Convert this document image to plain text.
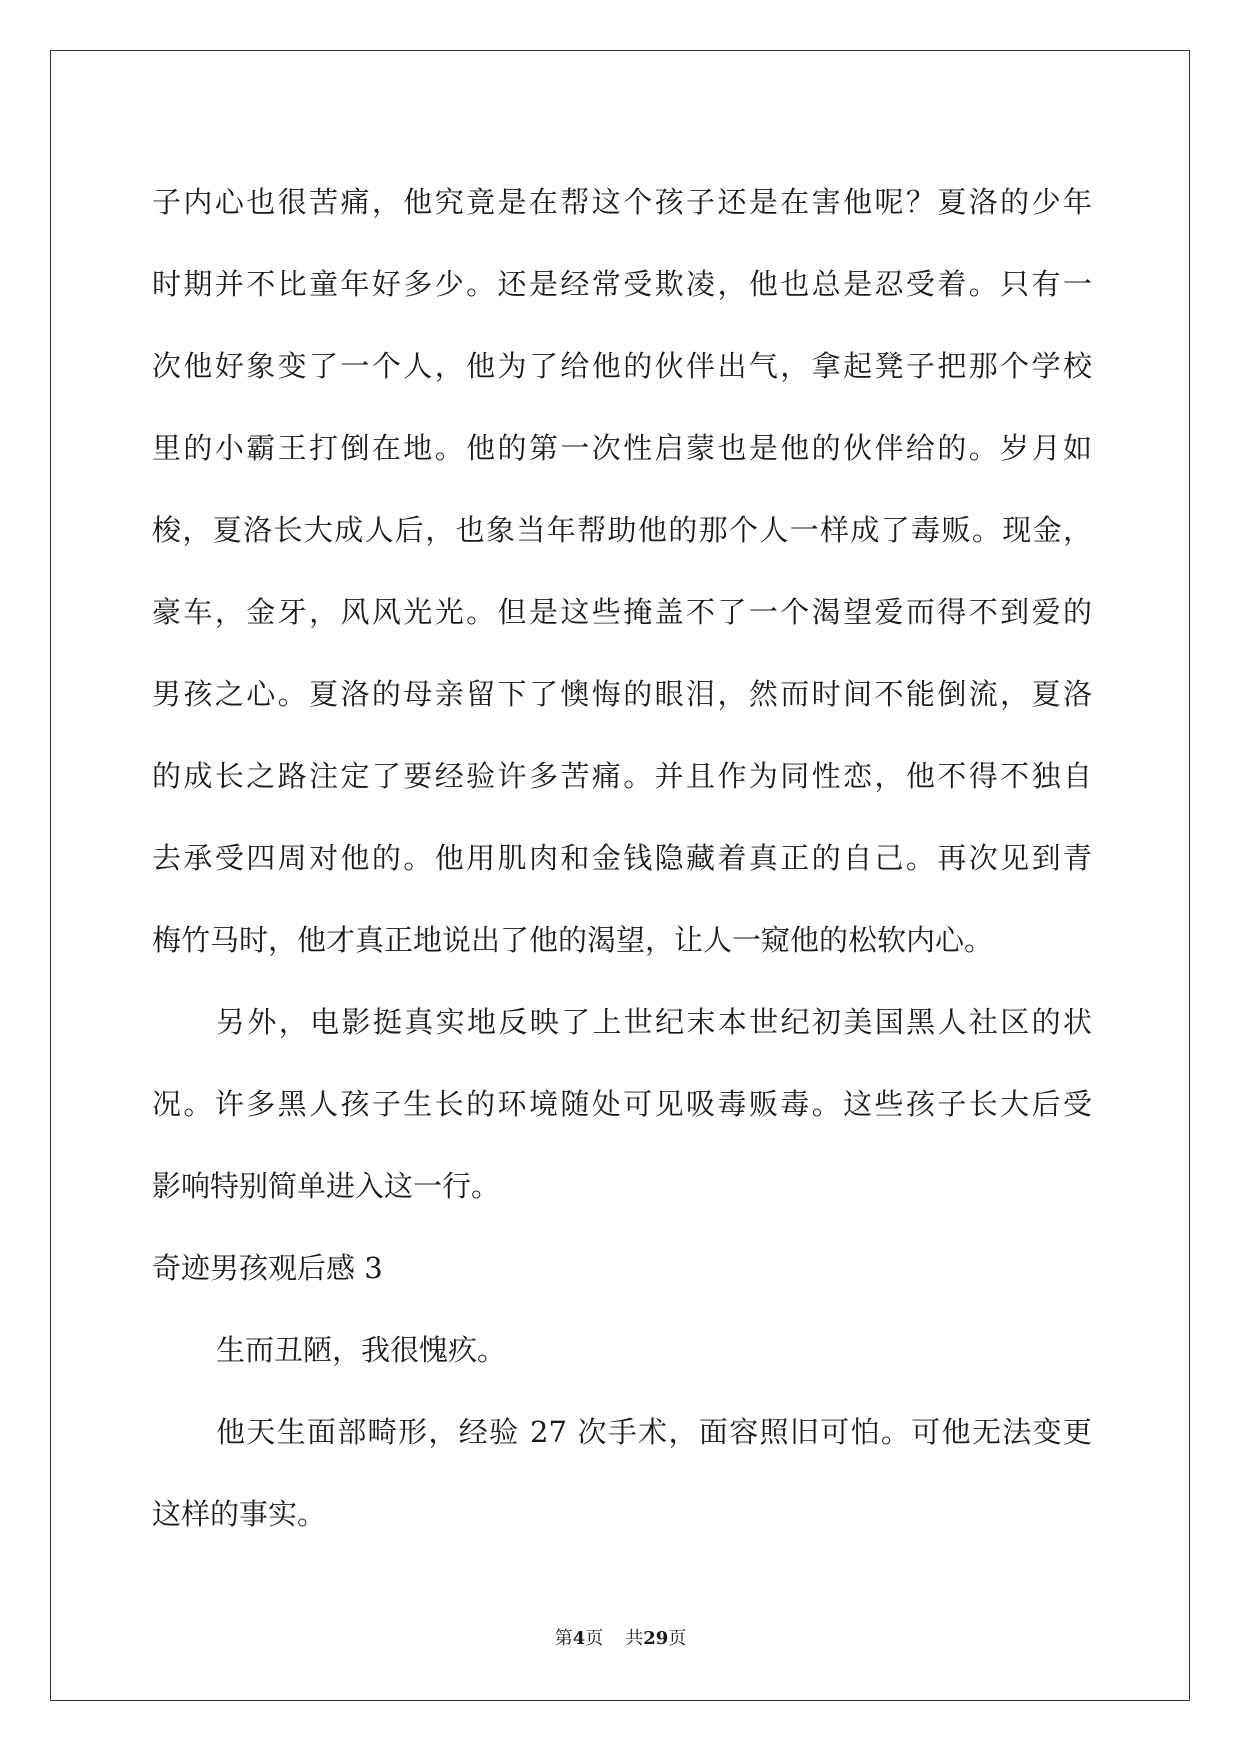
子内心也很苦痛，他究竟是在帮这个孩子还是在害他呢？夏洛的少年
时期并不比童年好多少。还是经常受欺凌，他也总是忍受着。只有一
次他好象变了一个人，他为了给他的伙伴出气，拿起凳子把那个学校
里的小霸王打倒在地。他的第一次性启蒙也是他的伙伴给的。岁月如
梭，夏洛长大成人后，也象当年帮助他的那个人一样成了毒贩。现金，
豪车，金牙，风风光光。但是这些掩盖不了一个渴望爱而得不到爱的
男孩之心。夏洛的母亲留下了懊悔的眼泪，然而时间不能倒流，夏洛
的成长之路注定了要经验许多苦痛。并且作为同性恋，他不得不独自
去承受四周对他的。他用肌肉和金钱隐藏着真正的自己。再次见到青
梅竹马时，他才真正地说出了他的渴望，让人一窥他的松软内心。
另外，电影挺真实地反映了上世纪末本世纪初美国黑人社区的状
况。许多黑人孩子生长的环境随处可见吸毒贩毒。这些孩子长大后受
影响特别简单进入这一行。
奇迹男孩观后感 3
生而丑陋，我很愧疚。
他天生面部畸形，经验 27 次手术，面容照旧可怕。可他无法变更
这样的事实。
第4页 共29页
